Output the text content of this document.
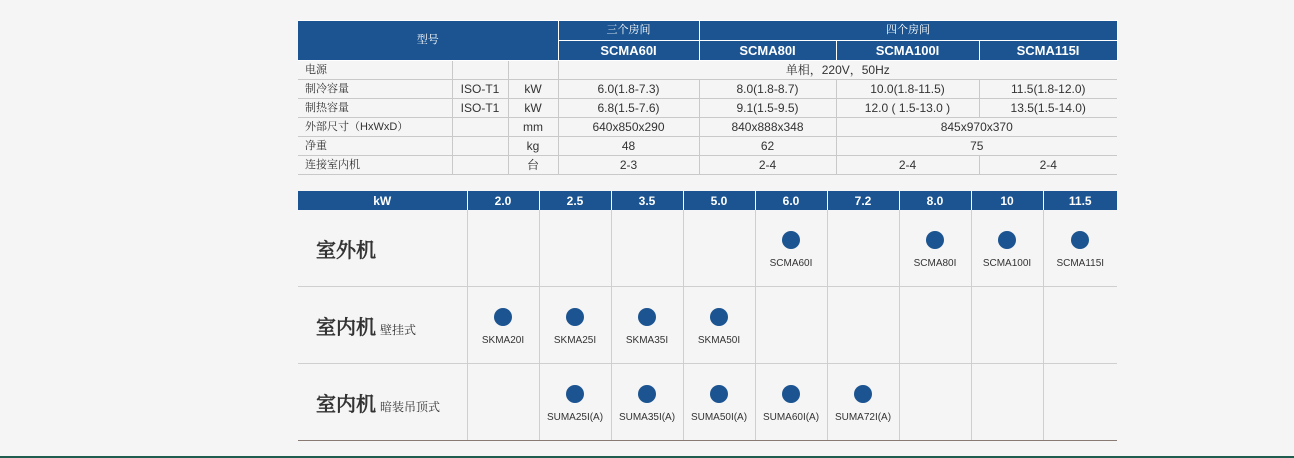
型号			三个房间	四个房间		
			SCMA60I	SCMA80I	SCMA100I	SCMA115I
电源			单相，220V，50Hz			
制冷容量	ISO-T1	kW	6.0(1.8-7.3)	8.0(1.8-8.7)	10.0(1.8-11.5)	11.5(1.8-12.0)
制热容量	ISO-T1	kW	6.8(1.5-7.6)	9.1(1.5-9.5)	12.0 ( 1.5-13.0 )	13.5(1.5-14.0)
外部尺寸（HxWxD）		mm	640x850x290	840x888x348	845x970x370	
净重		kg	48	62	75	
连接室内机		台	2-3	2-4	2-4	2-4
kW	2.0	2.5	3.5	5.0	6.0	7.2	8.0	10	11.5
室外机					SCMA60I		SCMA80I	SCMA100I	SCMA115I

室内机 壁挂式	SKMA20I	SKMA25I	SKMA35I	SKMA50I					

室内机 暗装吊顶式		SUMA25I(A)	SUMA35I(A)	SUMA50I(A)	SUMA60I(A)	SUMA72I(A)			
